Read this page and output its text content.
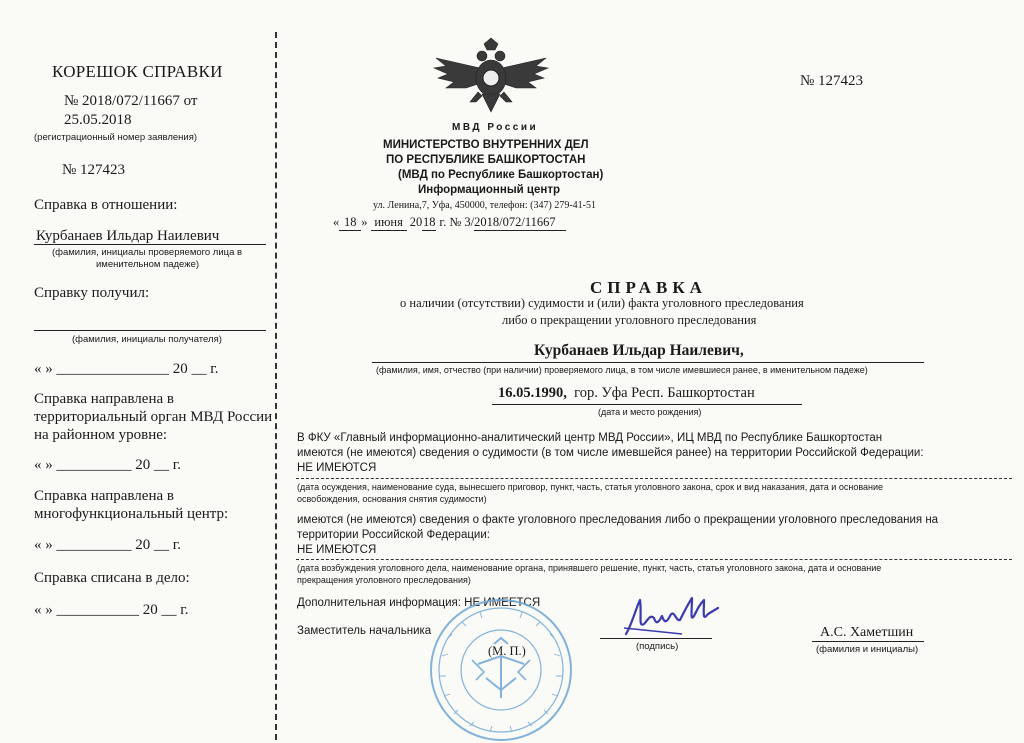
КОРЕШОК СПРАВКИ
№ 2018/072/11667 от
25.05.2018
(регистрационный номер заявления)
№ 127423
Справка в отношении:
Курбанаев Ильдар Наилевич
(фамилия, инициалы проверяемого лица в
именительном падеже)
Справку получил:
(фамилия, инициалы получателя)
« » _______________ 20 __ г.
Справка направлена в
территориальный орган МВД России
на районном уровне:
« » __________ 20 __ г.
Справка направлена в
многофункциональный центр:
« » __________ 20 __ г.
Справка списана в дело:
« » ___________ 20 __ г.
МВД России
МИНИСТЕРСТВО ВНУТРЕННИХ ДЕЛ
ПО РЕСПУБЛИКЕ БАШКОРТОСТАН
(МВД по Республике Башкортостан)
Информационный центр
ул. Ленина,7, Уфа, 450000, телефон: (347) 279-41-51
« 18 » июня 2018 г. № 3/2018/072/11667
№ 127423
СПРАВКА
о наличии (отсутствии) судимости и (или) факта уголовного преследования
либо о прекращении уголовного преследования
Курбанаев Ильдар Наилевич,
(фамилия, имя, отчество (при наличии) проверяемого лица, в том числе имевшиеся ранее, в именительном падеже)
16.05.1990, гор. Уфа Респ. Башкортостан
(дата и место рождения)
В ФКУ «Главный информационно-аналитический центр МВД России», ИЦ МВД по Республике Башкортостан
имеются (не имеются) сведения о судимости (в том числе имевшейся ранее) на территории Российской Федерации:
НЕ ИМЕЮТСЯ
(дата осуждения, наименование суда, вынесшего приговор, пункт, часть, статья уголовного закона, срок и вид наказания, дата и основание
освобождения, основания снятия судимости)
имеются (не имеются) сведения о факте уголовного преследования либо о прекращении уголовного преследования на
территории Российской Федерации:
НЕ ИМЕЮТСЯ
(дата возбуждения уголовного дела, наименование органа, принявшего решение, пункт, часть, статья уголовного закона, дата и основание
прекращения уголовного преследования)
Дополнительная информация: НЕ ИМЕЕТСЯ
Заместитель начальника
(М. П.)	(подпись)
А.С. Хаметшин
(фамилия и инициалы)
